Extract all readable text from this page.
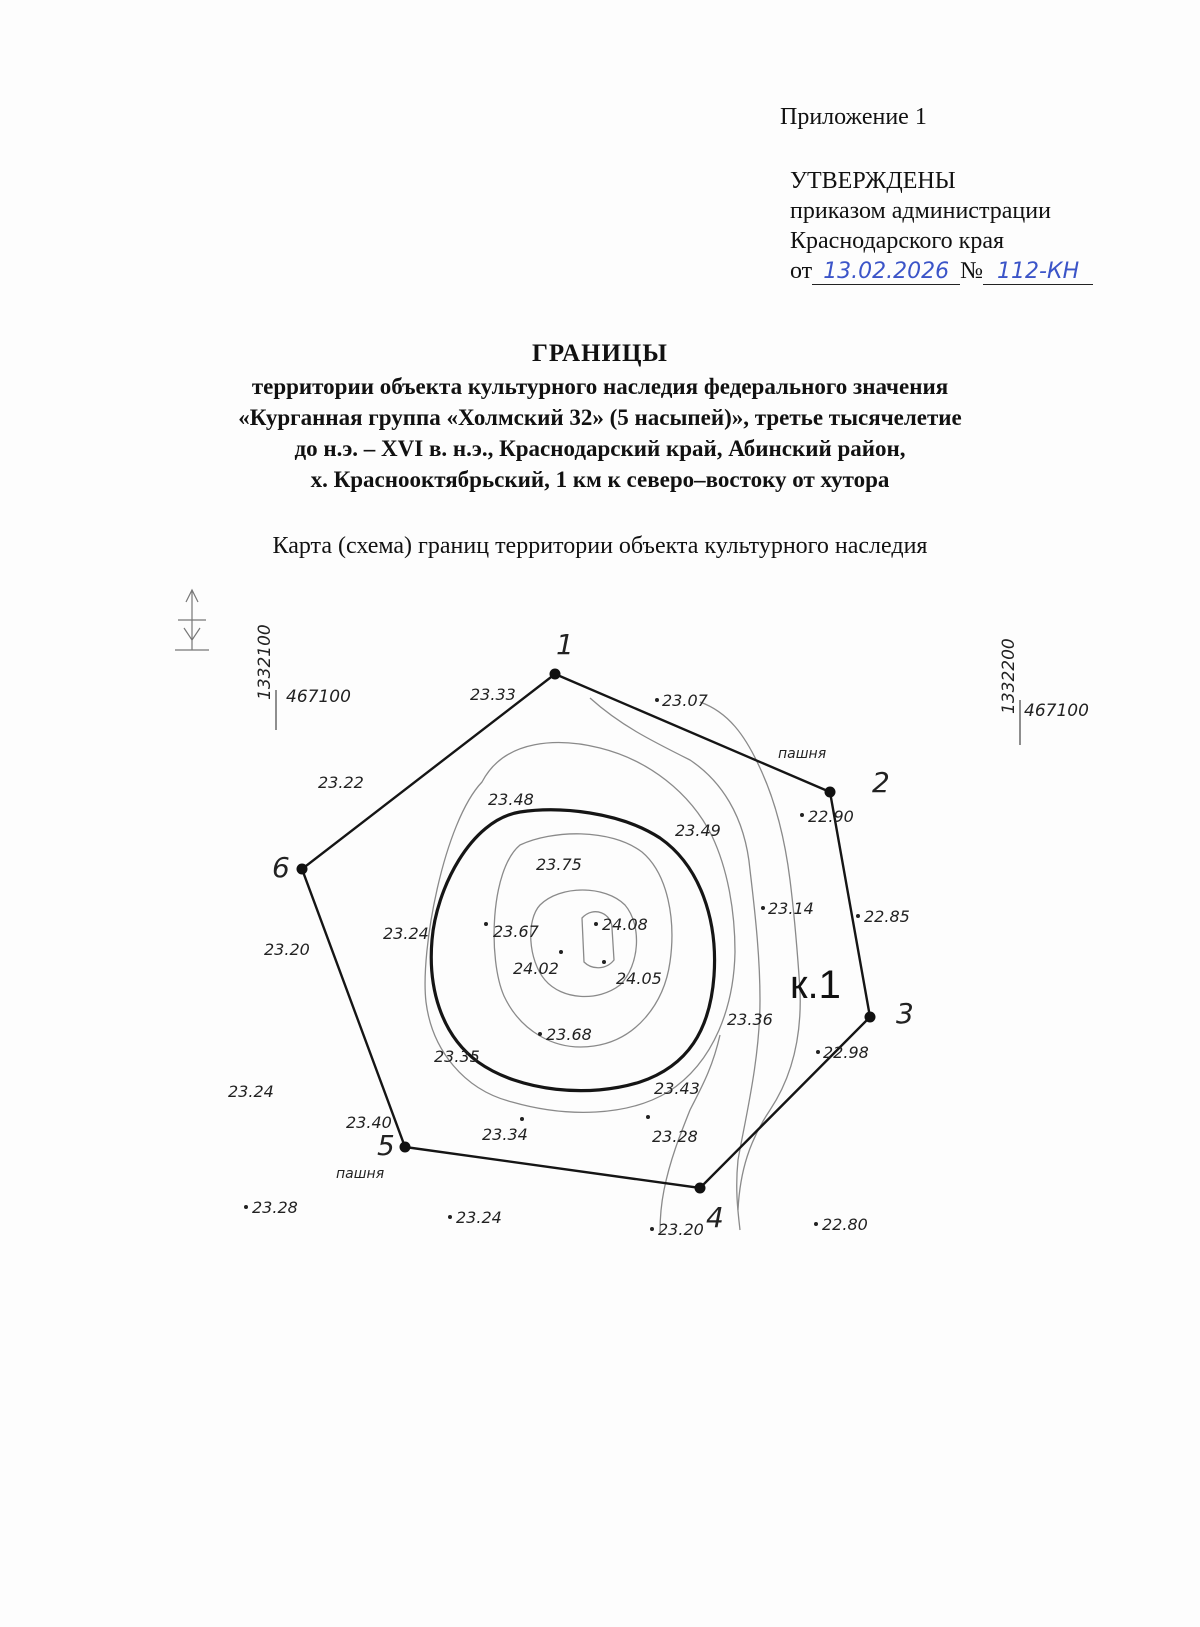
Приложение 1
УТВЕРЖДЕНЫ
приказом администрации
Краснодарского края
от 13.02.2026 № 112-КН
ГРАНИЦЫ
территории объекта культурного наследия федерального значения
«Курганная группа «Холмский 32» (5 насыпей)», третье тысячелетие
до н.э. – XVI в. н.э., Краснодарский край, Абинский район,
х. Краснооктябрьский, 1 км к северо–востоку от хутора
Карта (схема) границ территории объекта культурного наследия
1
2
3
4
5
6
1332100 467100	1332200 467100
пашня
пашня
к.1
23.33	23.07
23.22
23.48
23.49
22.90
23.75
23.14	22.85
23.24	23.67	24.08
23.20
24.02
24.05
23.36
22.98
23.68
23.35
23.43
23.24
23.40
23.34	23.28
23.28
23.24
23.20	22.80
